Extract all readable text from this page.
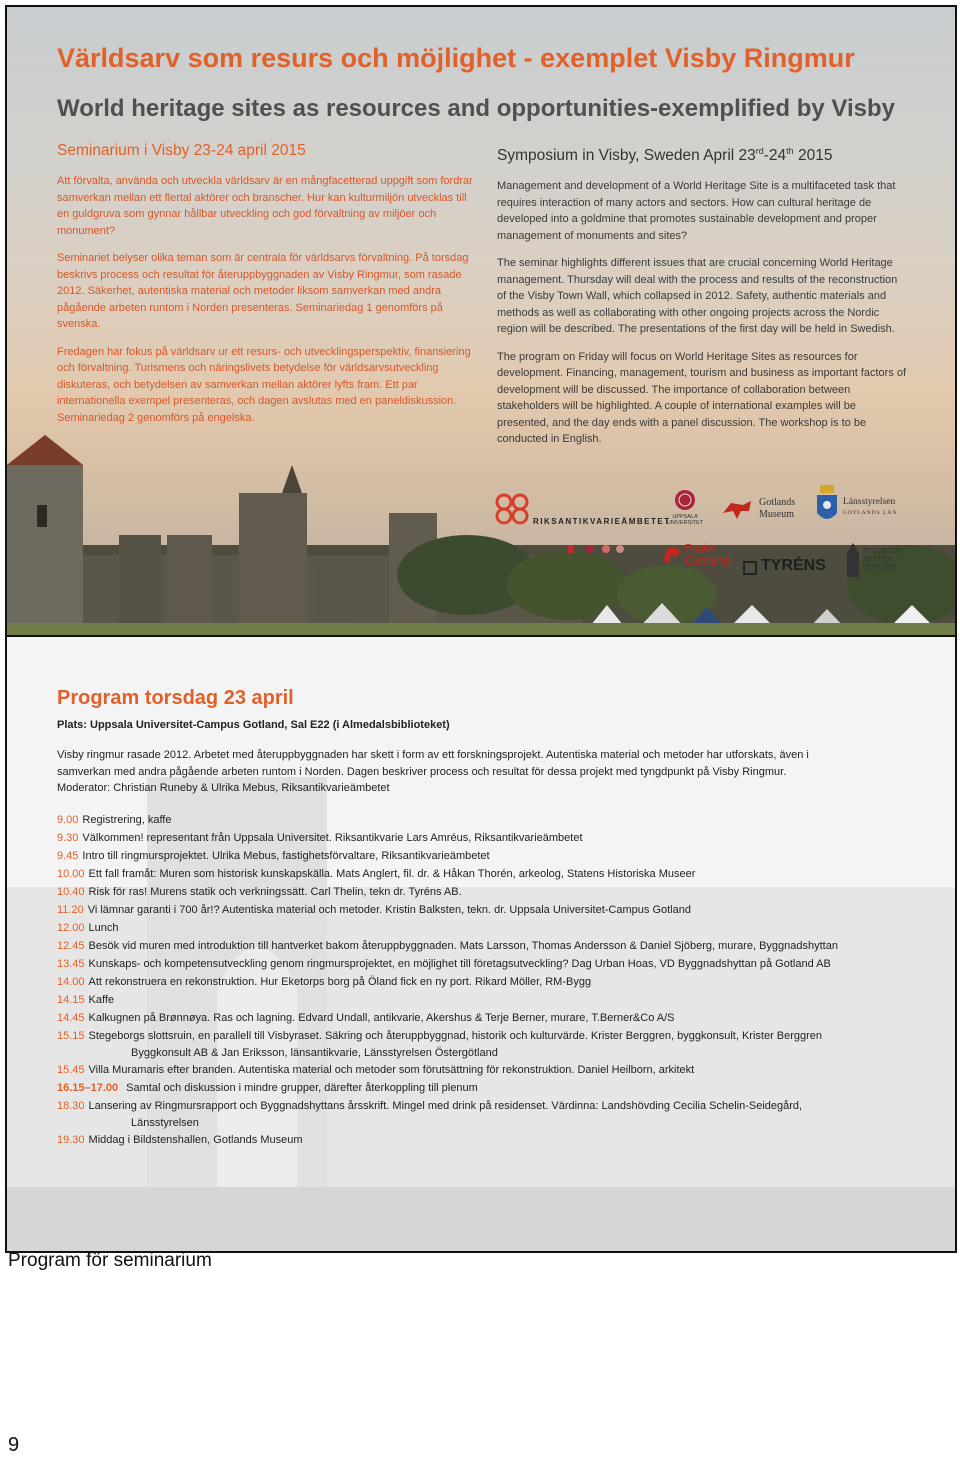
Världsarv som resurs och möjlighet - exemplet Visby Ringmur
World heritage sites as resources and opportunities-exemplified by Visby
Seminarium i Visby 23-24 april 2015

Att förvalta, använda och utveckla världsarv är en mångfacetterad uppgift som fordrar samverkan mellan ett flertal aktörer och branscher. Hur kan kulturmiljön utvecklas till en guldgruva som gynnar hållbar utveckling och god förvaltning av miljöer och monument?

Seminariet belyser olika teman som är centrala för världsarvs förvaltning. På torsdag beskrivs process och resultat för återuppbyggnaden av Visby Ringmur, som rasade 2012. Säkerhet, autentiska material och metoder liksom samverkan med andra pågående arbeten runtom i Norden presenteras. Seminariedag 1 genomförs på svenska.

Fredagen har fokus på världsarv ur ett resurs- och utvecklingsperspektiv, finansiering och förvaltning. Turismens och näringslivets betydelse för världsarvsutveckling diskuteras, och betydelsen av samverkan mellan aktörer lyfts fram. Ett par internationella exempel presenteras, och dagen avslutas med en paneldiskussion. Seminariedag 2 genomförs på engelska.

Symposium in Visby, Sweden April 23rd-24th 2015

Management and development of a World Heritage Site is a multifaceted task that requires interaction of many actors and sectors. How can cultural heritage de developed into a goldmine that promotes sustainable development and proper management of monuments and sites?

The seminar highlights different issues that are crucial concerning World Heritage management. Thursday will deal with the process and results of the reconstruction of the Visby Town Wall, which collapsed in 2012. Safety, authentic materials and methods as well as collaborating with other ongoing projects across the Nordic region will be described. The presentations of the first day will be held in Swedish.

The program on Friday will focus on World Heritage Sites as resources for development. Financing, management, tourism and business as important factors of development will be discussed. The importance of collaboration between stakeholders will be highlighted. A couple of international examples will be presented, and the day ends with a panel discussion. The workshop is to be conducted in English.

RIKSANTIKVARIEÄMBETET UPPSALA
UNIVERSITET
Gotlands
Museum
Länsstyrelsen
GOTLANDS LÄN
Region
Gotland TYRÉNS
BYGGNADS
HYTTAN
GOTLAND
Program torsdag 23 april
Plats: Uppsala Universitet-Campus Gotland, Sal E22 (i Almedalsbiblioteket)
Visby ringmur rasade 2012. Arbetet med återuppbyggnaden har skett i form av ett forskningsprojekt. Autentiska material och metoder har utforskats, även i
samverkan med andra pågående arbeten runtom i Norden. Dagen beskriver process och resultat för dessa projekt med tyngdpunkt på Visby Ringmur.
Moderator: Christian Runeby & Ulrika Mebus, Riksantikvarieämbetet
9.00 Registrering, kaffe
9.30 Välkommen! representant från Uppsala Universitet. Riksantikvarie Lars Amréus, Riksantikvarieämbetet
9.45 Intro till ringmursprojektet. Ulrika Mebus, fastighetsförvaltare, Riksantikvarieämbetet
10.00 Ett fall framåt: Muren som historisk kunskapskälla. Mats Anglert, fil. dr. & Håkan Thorén, arkeolog, Statens Historiska Museer
10.40 Risk för ras! Murens statik och verkningssätt. Carl Thelin, tekn dr. Tyréns AB.
11.20 Vi lämnar garanti i 700 år!? Autentiska material och metoder. Kristin Balksten, tekn. dr. Uppsala Universitet-Campus Gotland
12.00 Lunch
12.45 Besök vid muren med introduktion till hantverket bakom återuppbyggnaden. Mats Larsson, Thomas Andersson & Daniel Sjöberg, murare, Byggnadshyttan
13.45 Kunskaps- och kompetensutveckling genom ringmursprojektet, en möjlighet till företagsutveckling? Dag Urban Hoas, VD Byggnadshyttan på Gotland AB
14.00 Att rekonstruera en rekonstruktion. Hur Eketorps borg på Öland fick en ny port. Rikard Möller, RM-Bygg
14.15 Kaffe
14.45 Kalkugnen på Brønnøya. Ras och lagning. Edvard Undall, antikvarie, Akershus & Terje Berner, murare, T.Berner&Co A/S
15.15 Stegeborgs slottsruin, en parallell till Visbyraset. Säkring och återuppbyggnad, historik och kulturvärde. Krister Berggren, byggkonsult, Krister Berggren
Byggkonsult AB & Jan Eriksson, länsantikvarie, Länsstyrelsen Östergötland
15.45 Villa Muramaris efter branden. Autentiska material och metoder som förutsättning för rekonstruktion. Daniel Heilborn, arkitekt
16.15–17.00 Samtal och diskussion i mindre grupper, därefter återkoppling till plenum
18.30 Lansering av Ringmursrapport och Byggnadshyttans årsskrift. Mingel med drink på residenset. Värdinna: Landshövding Cecilia Schelin-Seidegård,
Länsstyrelsen
19.30 Middag i Bildstenshallen, Gotlands Museum
Program för seminarium
9
